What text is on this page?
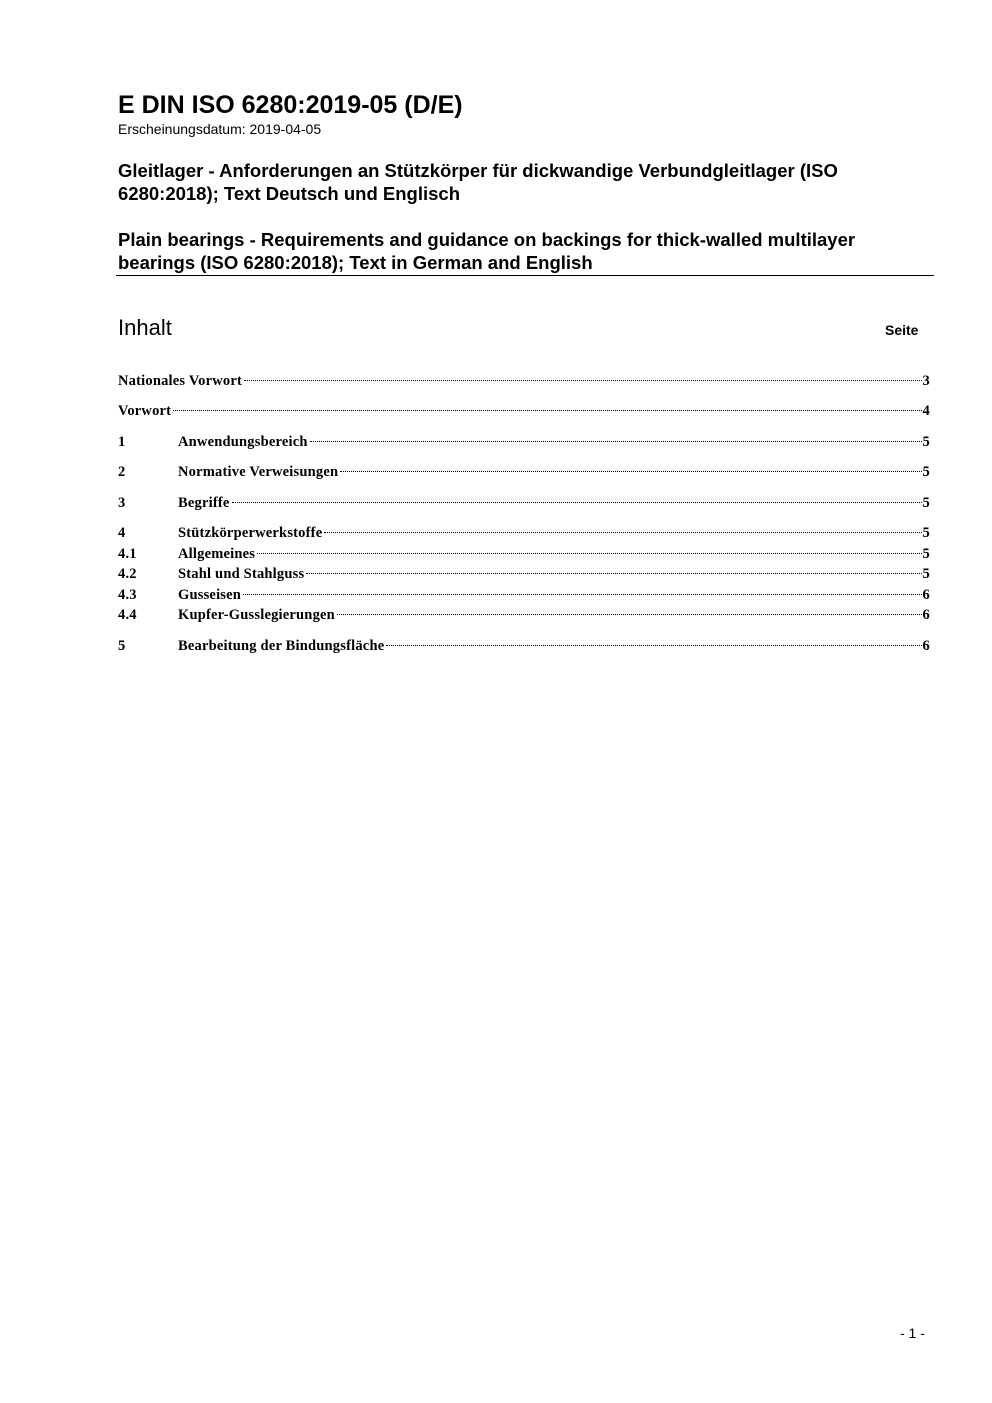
E DIN ISO 6280:2019-05 (D/E)
Erscheinungsdatum: 2019-04-05
Gleitlager - Anforderungen an Stützkörper für dickwandige Verbundgleitlager (ISO 6280:2018); Text Deutsch und Englisch
Plain bearings - Requirements and guidance on backings for thick-walled multilayer bearings (ISO 6280:2018); Text in German and English
Inhalt	Seite
Nationales Vorwort	3
Vorwort	4
1	Anwendungsbereich	5
2	Normative Verweisungen	5
3	Begriffe	5
4	Stützkörperwerkstoffe	5
4.1	Allgemeines	5
4.2	Stahl und Stahlguss	5
4.3	Gusseisen	6
4.4	Kupfer-Gusslegierungen	6
5	Bearbeitung der Bindungsfläche	6
- 1 -
